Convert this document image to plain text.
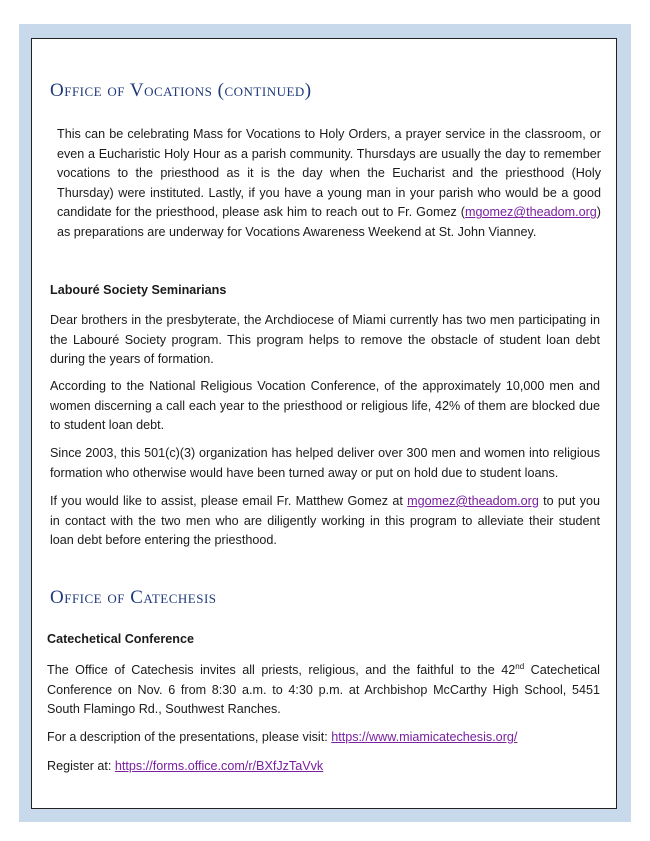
Office of Vocations (continued)

This can be celebrating Mass for Vocations to Holy Orders, a prayer service in the classroom, or even a Eucharistic Holy Hour as a parish community. Thursdays are usually the day to remember vocations to the priesthood as it is the day when the Eucharist and the priesthood (Holy Thursday) were instituted. Lastly, if you have a young man in your parish who would be a good candidate for the priesthood, please ask him to reach out to Fr. Gomez (mgomez@theadom.org) as preparations are underway for Vocations Awareness Weekend at St. John Vianney.

Labouré Society Seminarians

Dear brothers in the presbyterate, the Archdiocese of Miami currently has two men participating in the Labouré Society program. This program helps to remove the obstacle of student loan debt during the years of formation.

According to the National Religious Vocation Conference, of the approximately 10,000 men and women discerning a call each year to the priesthood or religious life, 42% of them are blocked due to student loan debt.

Since 2003, this 501(c)(3) organization has helped deliver over 300 men and women into religious formation who otherwise would have been turned away or put on hold due to student loans.

If you would like to assist, please email Fr. Matthew Gomez at mgomez@theadom.org to put you in contact with the two men who are diligently working in this program to alleviate their student loan debt before entering the priesthood.

Office of Catechesis

Catechetical Conference

The Office of Catechesis invites all priests, religious, and the faithful to the 42nd Catechetical Conference on Nov. 6 from 8:30 a.m. to 4:30 p.m. at Archbishop McCarthy High School, 5451 South Flamingo Rd., Southwest Ranches.

For a description of the presentations, please visit: https://www.miamicatechesis.org/

Register at: https://forms.office.com/r/BXfJzTaVvk
